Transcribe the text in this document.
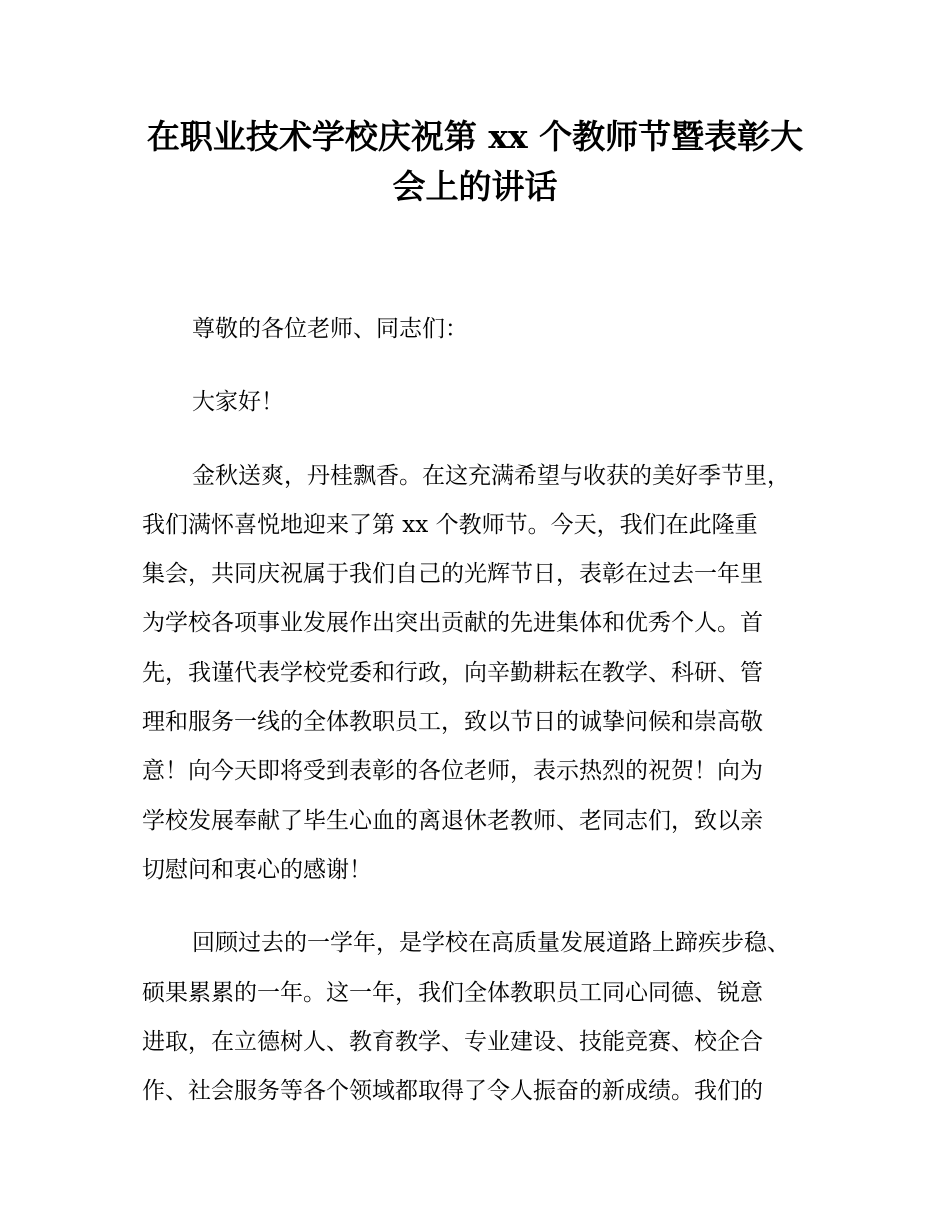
在职业技术学校庆祝第 xx 个教师节暨表彰大
会上的讲话
尊敬的各位老师、同志们：
大家好！
金秋送爽，丹桂飘香。在这充满希望与收获的美好季节里，
我们满怀喜悦地迎来了第 xx 个教师节。今天，我们在此隆重
集会，共同庆祝属于我们自己的光辉节日，表彰在过去一年里
为学校各项事业发展作出突出贡献的先进集体和优秀个人。首
先，我谨代表学校党委和行政，向辛勤耕耘在教学、科研、管
理和服务一线的全体教职员工，致以节日的诚挚问候和崇高敬
意！向今天即将受到表彰的各位老师，表示热烈的祝贺！向为
学校发展奉献了毕生心血的离退休老教师、老同志们，致以亲
切慰问和衷心的感谢！
回顾过去的一学年，是学校在高质量发展道路上蹄疾步稳、
硕果累累的一年。这一年，我们全体教职员工同心同德、锐意
进取，在立德树人、教育教学、专业建设、技能竞赛、校企合
作、社会服务等各个领域都取得了令人振奋的新成绩。我们的
